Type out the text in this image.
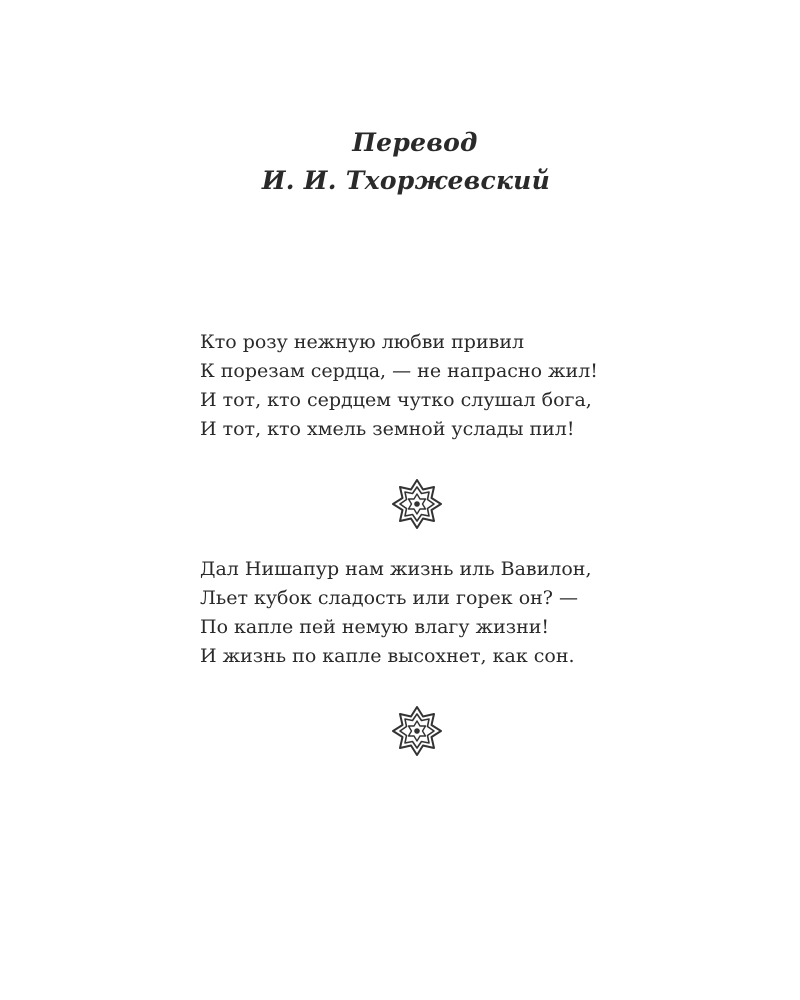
Перевод
И. И. Тхоржевский
Кто розу нежную любви привил
К порезам сердца, — не напрасно жил!
И тот, кто сердцем чутко слушал бога,
И тот, кто хмель земной услады пил!
Дал Нишапур нам жизнь иль Вавилон,
Льет кубок сладость или горек он? —
По капле пей немую влагу жизни!
И жизнь по капле высохнет, как сон.
